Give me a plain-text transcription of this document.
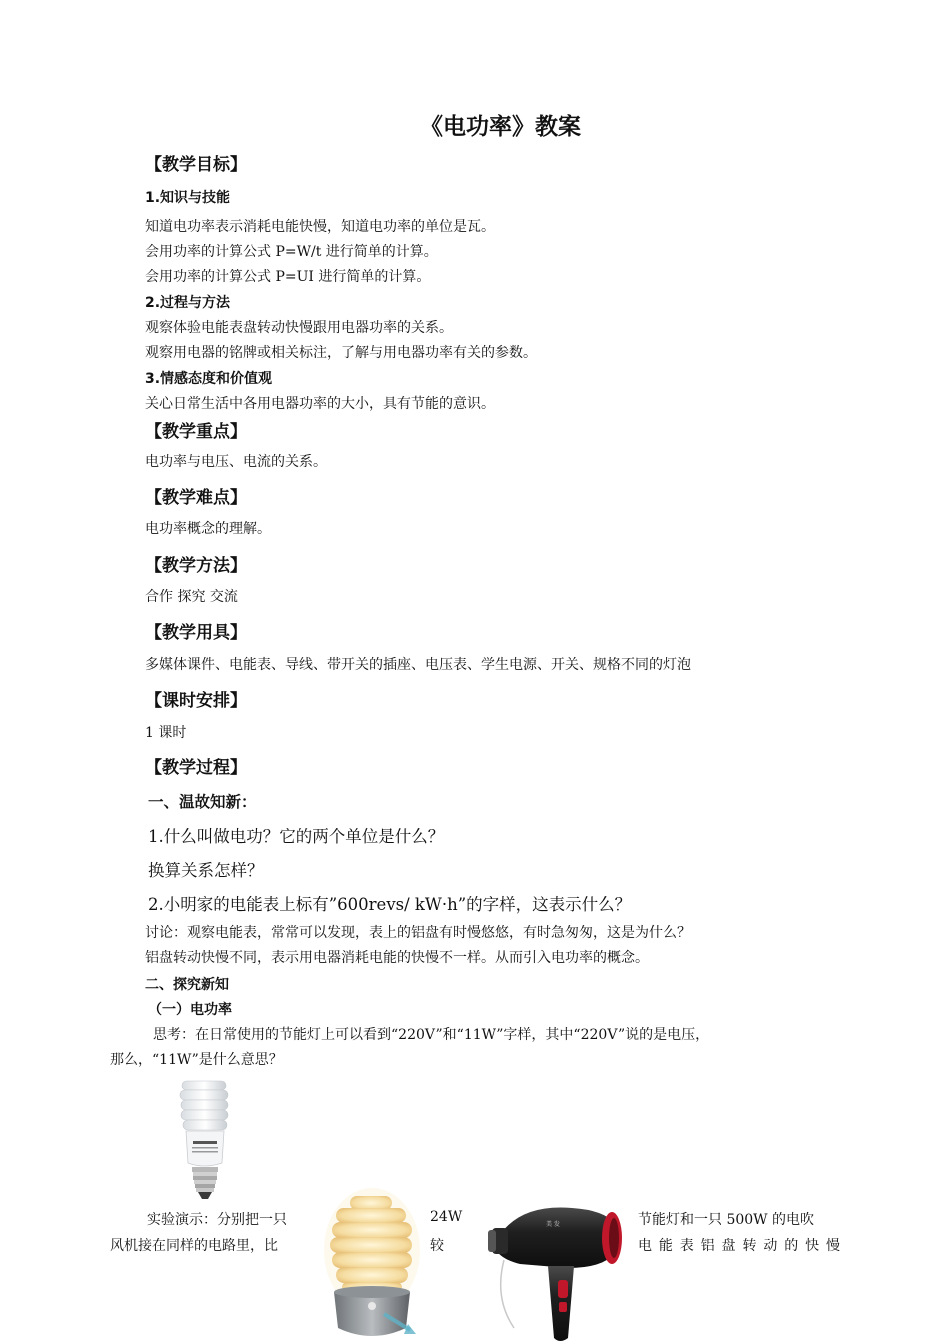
《电功率》教案
【教学目标】
1.知识与技能
知道电功率表示消耗电能快慢，知道电功率的单位是瓦。
会用功率的计算公式 P=W/t 进行简单的计算。
会用功率的计算公式 P=UI 进行简单的计算。
2.过程与方法
观察体验电能表盘转动快慢跟用电器功率的关系。
观察用电器的铭牌或相关标注，了解与用电器功率有关的参数。
3.情感态度和价值观
关心日常生活中各用电器功率的大小，具有节能的意识。
【教学重点】
电功率与电压、电流的关系。
【教学难点】
电功率概念的理解。
【教学方法】
合作 探究 交流
【教学用具】
多媒体课件、电能表、导线、带开关的插座、电压表、学生电源、开关、规格不同的灯泡
【课时安排】
1 课时
【教学过程】
一、温故知新：
1.什么叫做电功？它的两个单位是什么？
换算关系怎样？
2.小明家的电能表上标有”600revs/ kW·h”的字样，这表示什么？
讨论：观察电能表，常常可以发现，表上的铝盘有时慢悠悠，有时急匆匆，这是为什么？
铝盘转动快慢不同，表示用电器消耗电能的快慢不一样。从而引入电功率的概念。
二、探究新知
（一）电功率
思考：在日常使用的节能灯上可以看到“220V”和“11W”字样，其中“220V”说的是电压，
那么，“11W”是什么意思？
实验演示：分别把一只
风机接在同样的电路里，比
24W
较
节能灯和一只 500W 的电吹
电 能 表 铝 盘 转 动 的 快 慢
美 发
